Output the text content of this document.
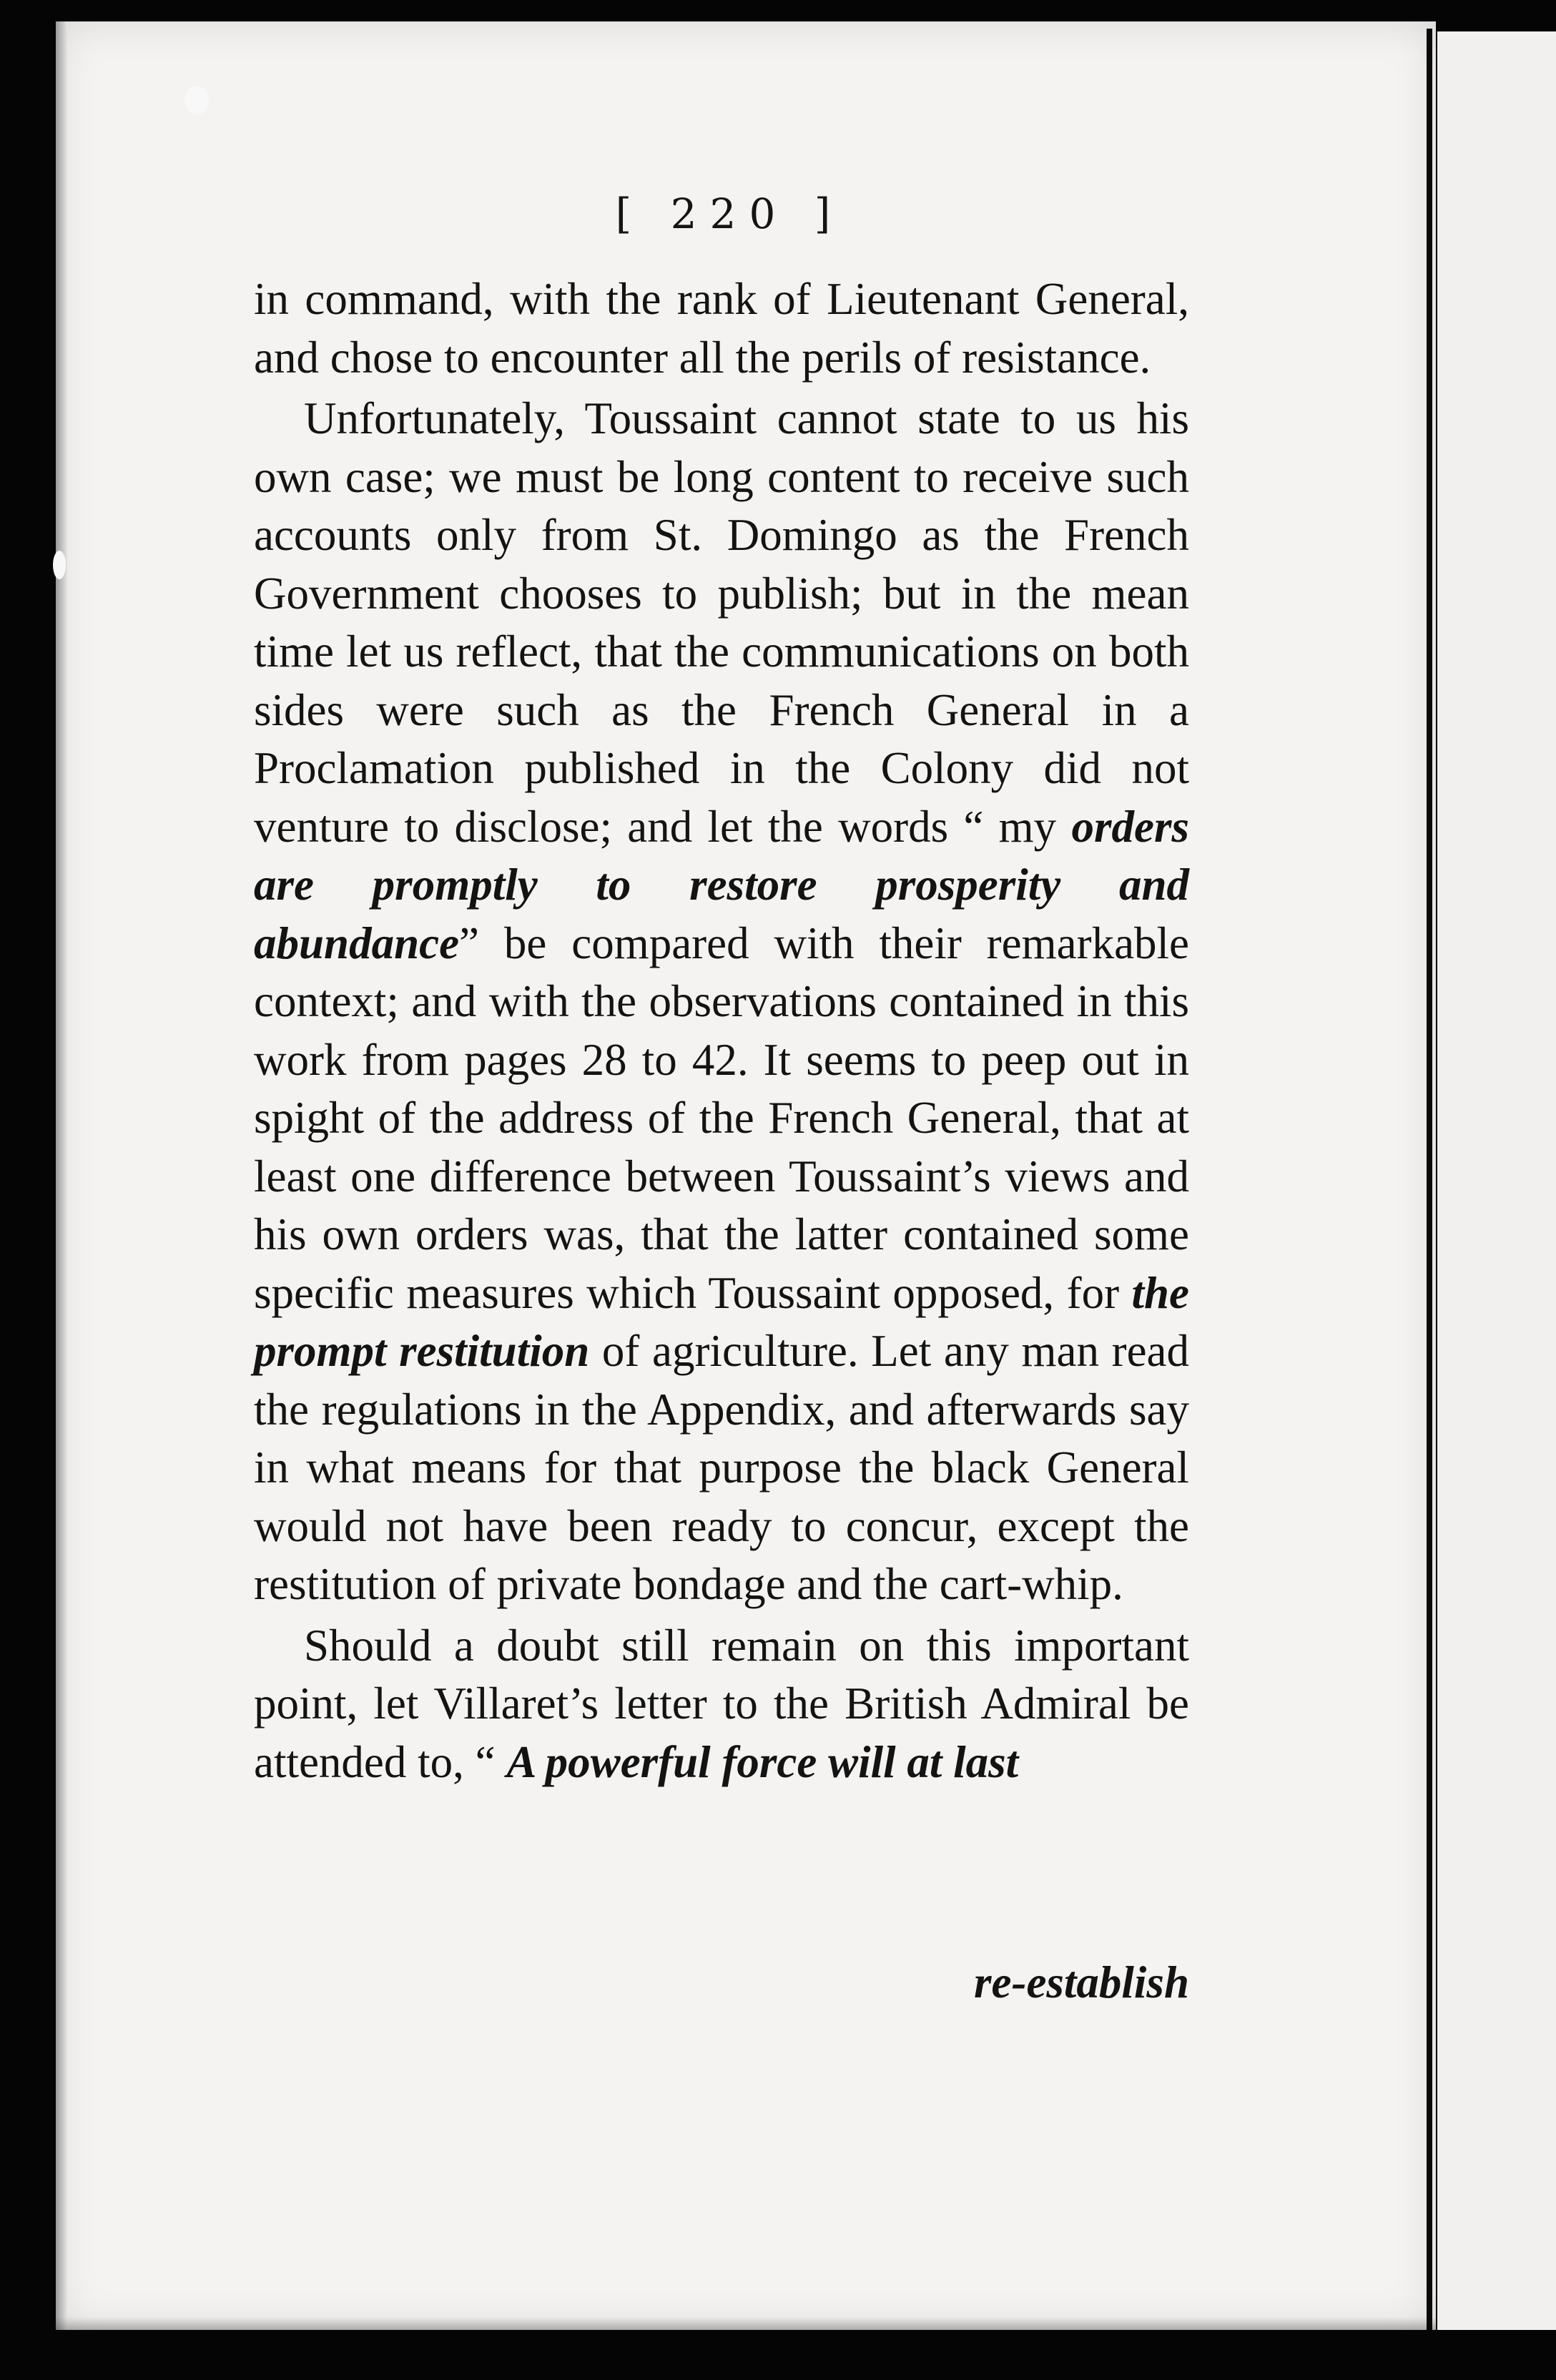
[ 220 ]

in command, with the rank of Lieutenant General, and chose to encounter all the perils of resistance.

Unfortunately, Toussaint cannot state to us his own case; we must be long content to receive such accounts only from St. Domingo as the French Government chooses to publish; but in the mean time let us reflect, that the communications on both sides were such as the French General in a Proclamation published in the Colony did not venture to disclose; and let the words “ my orders are promptly to restore prosperity and abundance” be compared with their remarkable context; and with the observations contained in this work from pages 28 to 42. It seems to peep out in spight of the address of the French General, that at least one difference between Toussaint’s views and his own orders was, that the latter contained some specific measures which Toussaint opposed, for the prompt restitution of agriculture. Let any man read the regulations in the Appendix, and afterwards say in what means for that purpose the black General would not have been ready to concur, except the restitution of private bondage and the cart-whip.

Should a doubt still remain on this important point, let Villaret’s letter to the British Admiral be attended to, “ A powerful force will at last

re-establish
